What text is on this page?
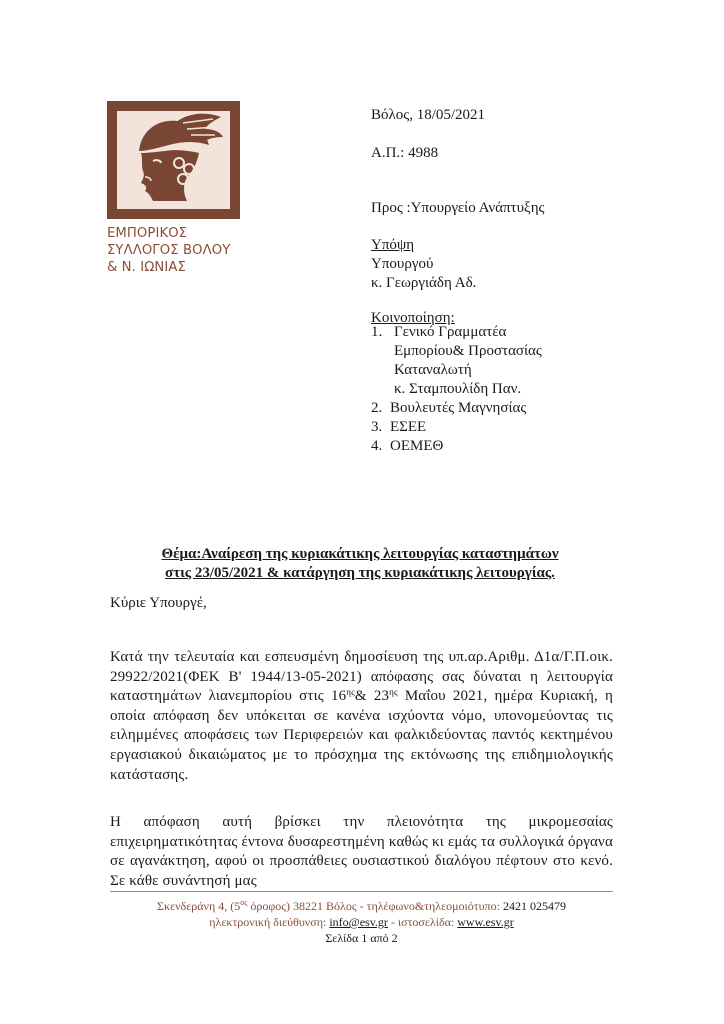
ΕΜΠΟΡΙΚΟΣ
ΣΥΛΛΟΓΟΣ ΒΟΛΟΥ
& Ν. ΙΩΝΙΑΣ
Βόλος, 18/05/2021
Α.Π.: 4988
Προς :Υπουργείο Ανάπτυξης
Υπόψη
Υπουργού
κ. Γεωργιάδη Αδ.
Κοινοποίηση:
1. Γενικό Γραμματέα
Εμπορίου& Προστασίας
Καταναλωτή
κ. Σταμπουλίδη Παν.
2. Βουλευτές Μαγνησίας
3. ΕΣΕΕ
4. ΟΕΜΕΘ
Θέμα:Αναίρεση της κυριακάτικης λειτουργίας καταστημάτων
στις 23/05/2021 & κατάργηση της κυριακάτικης λειτουργίας.
Κύριε Υπουργέ,
Κατά την τελευταία και εσπευσμένη δημοσίευση της υπ.αρ.Αριθμ. Δ1α/Γ.Π.οικ. 29922/2021(ΦΕΚ Β' 1944/13-05-2021) απόφασης σας δύναται η λειτουργία καταστημάτων λιανεμπορίου στις $16^{\eta\varsigma}\&$ $23^{\eta\varsigma}$ Μαΐου 2021, ημέρα Κυριακή, η οποία απόφαση δεν υπόκειται σε κανένα ισχύοντα νόμο, υπονομεύοντας τις ειλημμένες αποφάσεις των Περιφερειών και φαλκιδεύοντας παντός κεκτημένου εργασιακού δικαιώματος με το πρόσχημα της εκτόνωσης της επιδημιολογικής κατάστασης.
Η απόφαση αυτή βρίσκει την πλειονότητα της μικρομεσαίας επιχειρηματικότητας έντονα δυσαρεστημένη καθώς κι εμάς τα συλλογικά όργανα σε αγανάκτηση, αφού οι προσπάθειες ουσιαστικού διαλόγου πέφτουν στο κενό. Σε κάθε συνάντησή μας
Σκενδεράνη 4, ($5^{o\varsigma}$ όροφος) 38221 Βόλος - τηλέφωνο&τηλεομοιότυπο: 2421 025479
ηλεκτρονική διεύθυνση: info@esv.gr - ιστοσελίδα: www.esv.gr
Σελίδα 1 από 2
